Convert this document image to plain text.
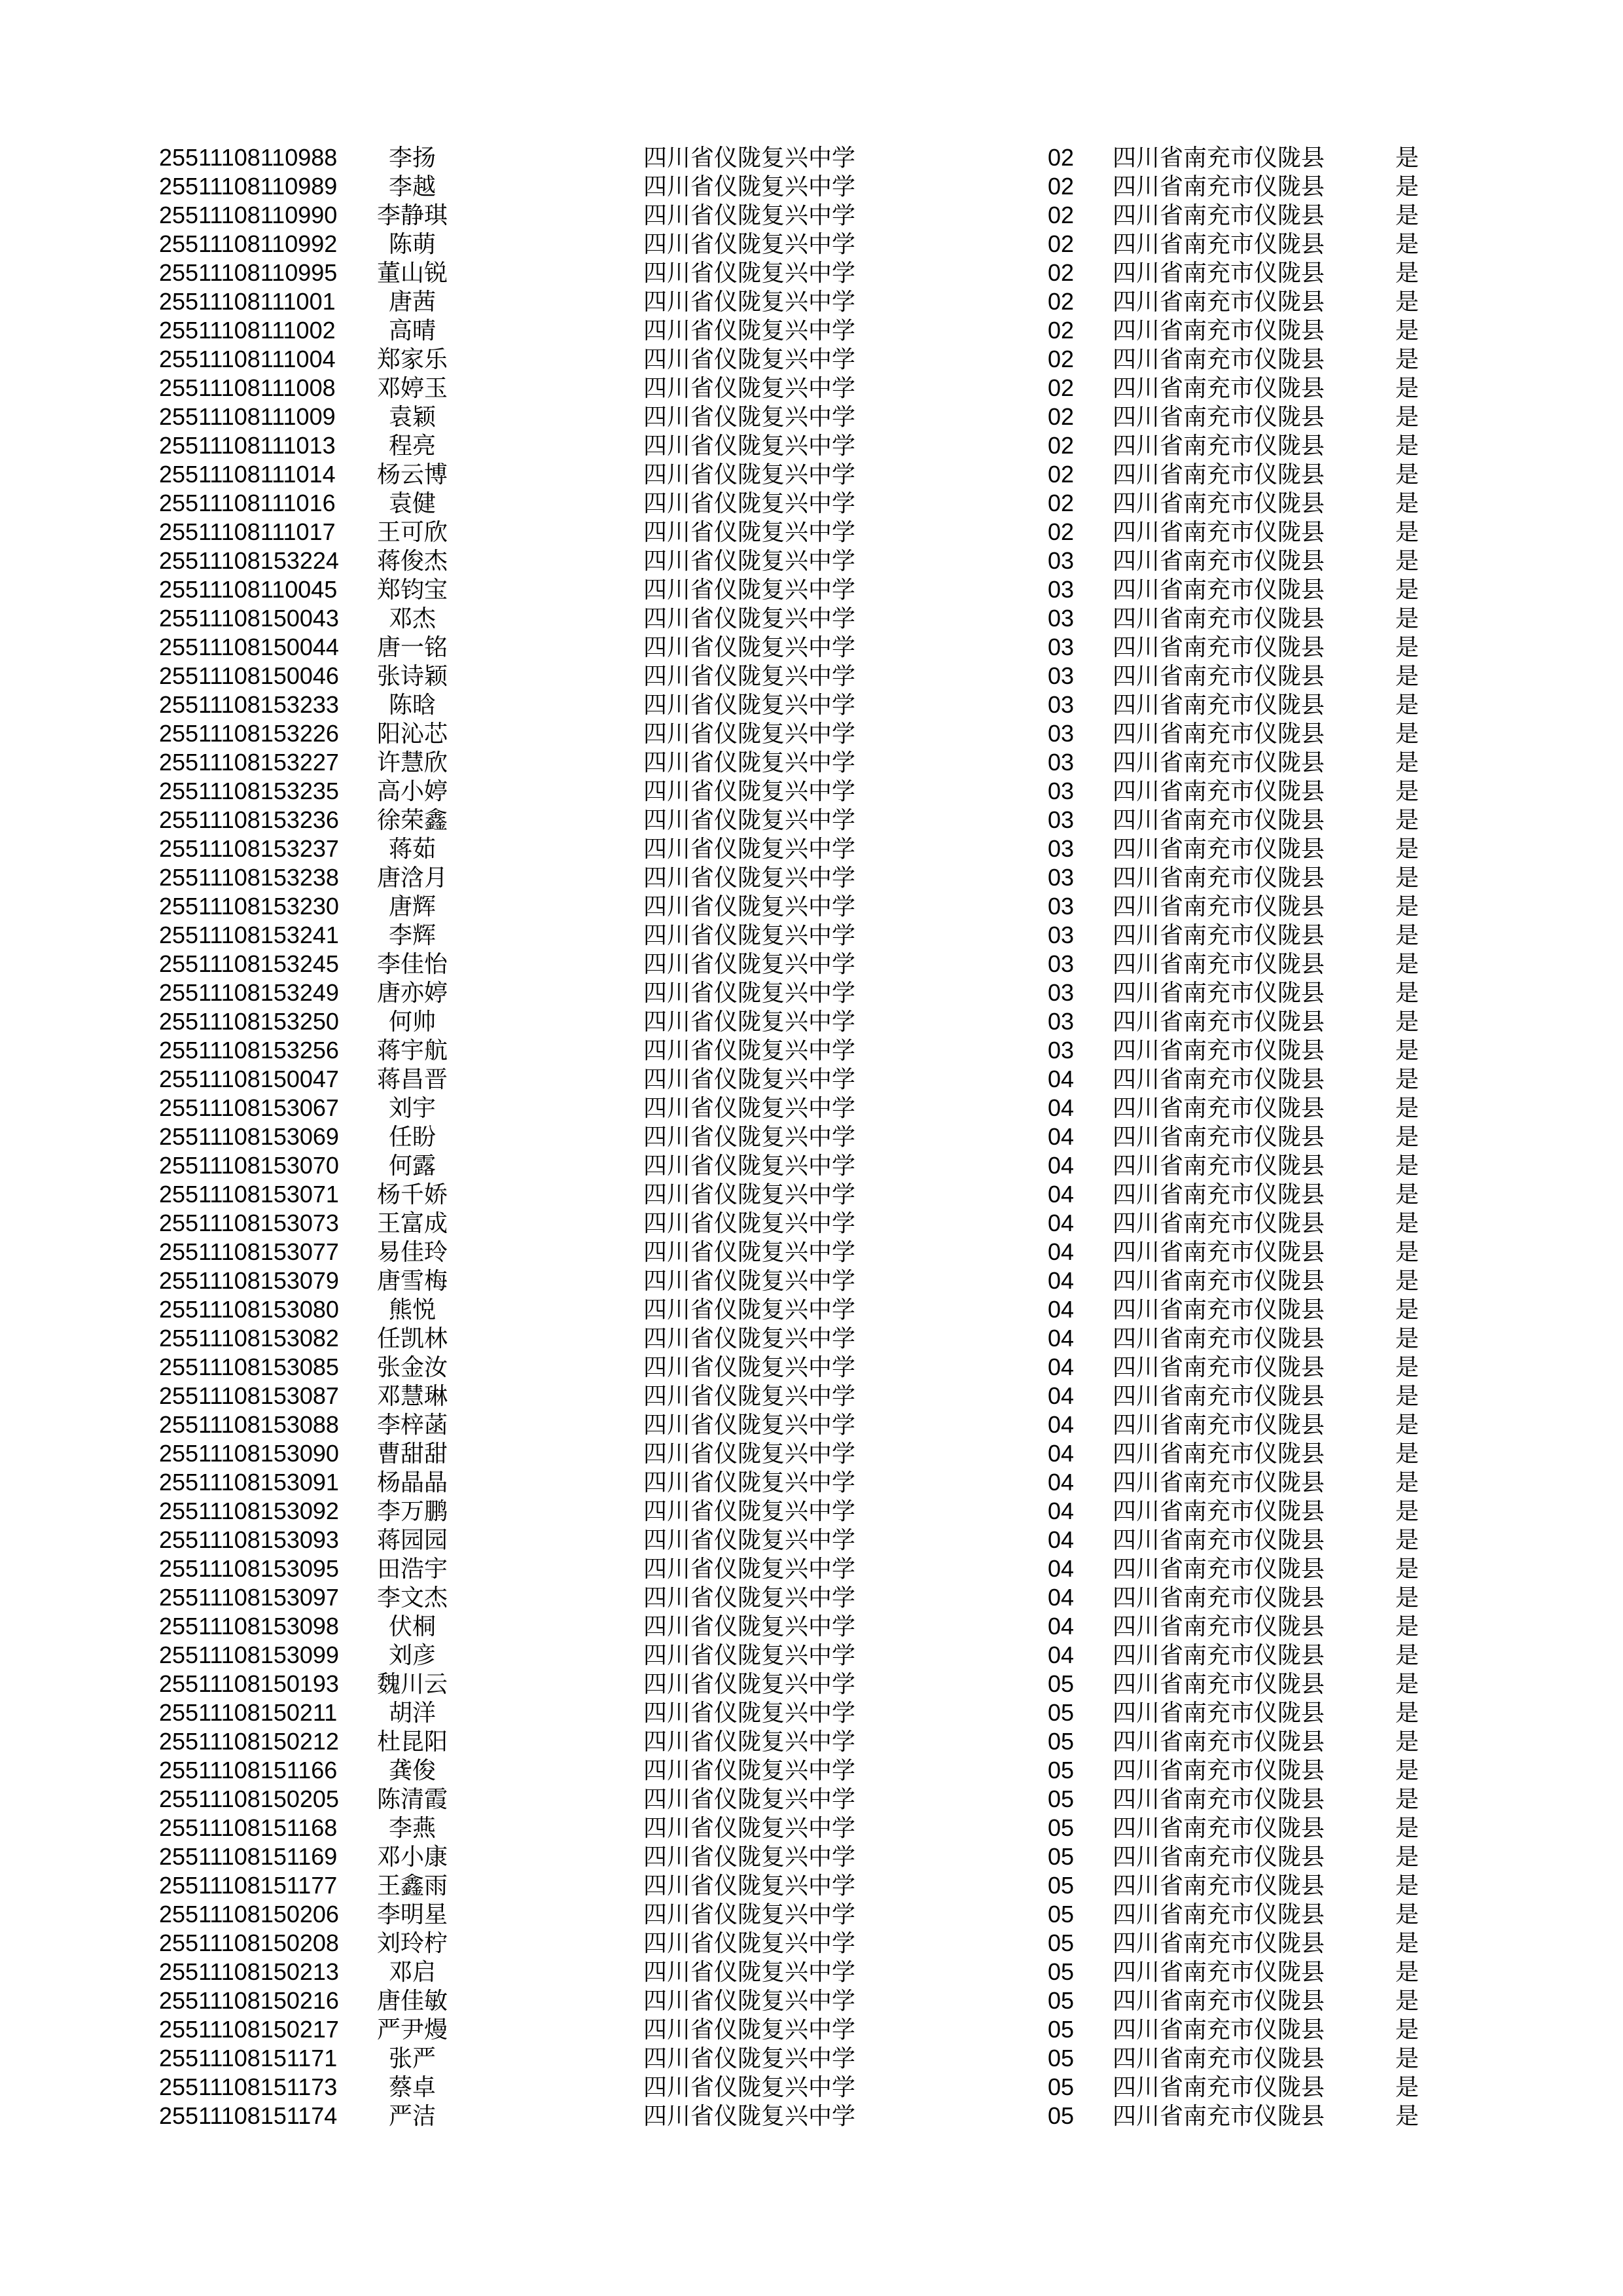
25511108110988	李扬	四川省仪陇复兴中学	02	四川省南充市仪陇县	是
25511108110989	李越	四川省仪陇复兴中学	02	四川省南充市仪陇县	是
25511108110990	李静琪	四川省仪陇复兴中学	02	四川省南充市仪陇县	是
25511108110992	陈萌	四川省仪陇复兴中学	02	四川省南充市仪陇县	是
25511108110995	董山锐	四川省仪陇复兴中学	02	四川省南充市仪陇县	是
25511108111001	唐茜	四川省仪陇复兴中学	02	四川省南充市仪陇县	是
25511108111002	高晴	四川省仪陇复兴中学	02	四川省南充市仪陇县	是
25511108111004	郑家乐	四川省仪陇复兴中学	02	四川省南充市仪陇县	是
25511108111008	邓婷玉	四川省仪陇复兴中学	02	四川省南充市仪陇县	是
25511108111009	袁颖	四川省仪陇复兴中学	02	四川省南充市仪陇县	是
25511108111013	程亮	四川省仪陇复兴中学	02	四川省南充市仪陇县	是
25511108111014	杨云博	四川省仪陇复兴中学	02	四川省南充市仪陇县	是
25511108111016	袁健	四川省仪陇复兴中学	02	四川省南充市仪陇县	是
25511108111017	王可欣	四川省仪陇复兴中学	02	四川省南充市仪陇县	是
25511108153224	蒋俊杰	四川省仪陇复兴中学	03	四川省南充市仪陇县	是
25511108110045	郑钧宝	四川省仪陇复兴中学	03	四川省南充市仪陇县	是
25511108150043	邓杰	四川省仪陇复兴中学	03	四川省南充市仪陇县	是
25511108150044	唐一铭	四川省仪陇复兴中学	03	四川省南充市仪陇县	是
25511108150046	张诗颖	四川省仪陇复兴中学	03	四川省南充市仪陇县	是
25511108153233	陈晗	四川省仪陇复兴中学	03	四川省南充市仪陇县	是
25511108153226	阳沁芯	四川省仪陇复兴中学	03	四川省南充市仪陇县	是
25511108153227	许慧欣	四川省仪陇复兴中学	03	四川省南充市仪陇县	是
25511108153235	高小婷	四川省仪陇复兴中学	03	四川省南充市仪陇县	是
25511108153236	徐荣鑫	四川省仪陇复兴中学	03	四川省南充市仪陇县	是
25511108153237	蒋茹	四川省仪陇复兴中学	03	四川省南充市仪陇县	是
25511108153238	唐浛月	四川省仪陇复兴中学	03	四川省南充市仪陇县	是
25511108153230	唐辉	四川省仪陇复兴中学	03	四川省南充市仪陇县	是
25511108153241	李辉	四川省仪陇复兴中学	03	四川省南充市仪陇县	是
25511108153245	李佳怡	四川省仪陇复兴中学	03	四川省南充市仪陇县	是
25511108153249	唐亦婷	四川省仪陇复兴中学	03	四川省南充市仪陇县	是
25511108153250	何帅	四川省仪陇复兴中学	03	四川省南充市仪陇县	是
25511108153256	蒋宇航	四川省仪陇复兴中学	03	四川省南充市仪陇县	是
25511108150047	蒋昌晋	四川省仪陇复兴中学	04	四川省南充市仪陇县	是
25511108153067	刘宇	四川省仪陇复兴中学	04	四川省南充市仪陇县	是
25511108153069	任盼	四川省仪陇复兴中学	04	四川省南充市仪陇县	是
25511108153070	何露	四川省仪陇复兴中学	04	四川省南充市仪陇县	是
25511108153071	杨千娇	四川省仪陇复兴中学	04	四川省南充市仪陇县	是
25511108153073	王富成	四川省仪陇复兴中学	04	四川省南充市仪陇县	是
25511108153077	易佳玲	四川省仪陇复兴中学	04	四川省南充市仪陇县	是
25511108153079	唐雪梅	四川省仪陇复兴中学	04	四川省南充市仪陇县	是
25511108153080	熊悦	四川省仪陇复兴中学	04	四川省南充市仪陇县	是
25511108153082	任凯林	四川省仪陇复兴中学	04	四川省南充市仪陇县	是
25511108153085	张金汝	四川省仪陇复兴中学	04	四川省南充市仪陇县	是
25511108153087	邓慧琳	四川省仪陇复兴中学	04	四川省南充市仪陇县	是
25511108153088	李梓菡	四川省仪陇复兴中学	04	四川省南充市仪陇县	是
25511108153090	曹甜甜	四川省仪陇复兴中学	04	四川省南充市仪陇县	是
25511108153091	杨晶晶	四川省仪陇复兴中学	04	四川省南充市仪陇县	是
25511108153092	李万鹏	四川省仪陇复兴中学	04	四川省南充市仪陇县	是
25511108153093	蒋园园	四川省仪陇复兴中学	04	四川省南充市仪陇县	是
25511108153095	田浩宇	四川省仪陇复兴中学	04	四川省南充市仪陇县	是
25511108153097	李文杰	四川省仪陇复兴中学	04	四川省南充市仪陇县	是
25511108153098	伏桐	四川省仪陇复兴中学	04	四川省南充市仪陇县	是
25511108153099	刘彦	四川省仪陇复兴中学	04	四川省南充市仪陇县	是
25511108150193	魏川云	四川省仪陇复兴中学	05	四川省南充市仪陇县	是
25511108150211	胡洋	四川省仪陇复兴中学	05	四川省南充市仪陇县	是
25511108150212	杜昆阳	四川省仪陇复兴中学	05	四川省南充市仪陇县	是
25511108151166	龚俊	四川省仪陇复兴中学	05	四川省南充市仪陇县	是
25511108150205	陈清霞	四川省仪陇复兴中学	05	四川省南充市仪陇县	是
25511108151168	李燕	四川省仪陇复兴中学	05	四川省南充市仪陇县	是
25511108151169	邓小康	四川省仪陇复兴中学	05	四川省南充市仪陇县	是
25511108151177	王鑫雨	四川省仪陇复兴中学	05	四川省南充市仪陇县	是
25511108150206	李明星	四川省仪陇复兴中学	05	四川省南充市仪陇县	是
25511108150208	刘玲柠	四川省仪陇复兴中学	05	四川省南充市仪陇县	是
25511108150213	邓启	四川省仪陇复兴中学	05	四川省南充市仪陇县	是
25511108150216	唐佳敏	四川省仪陇复兴中学	05	四川省南充市仪陇县	是
25511108150217	严尹熳	四川省仪陇复兴中学	05	四川省南充市仪陇县	是
25511108151171	张严	四川省仪陇复兴中学	05	四川省南充市仪陇县	是
25511108151173	蔡卓	四川省仪陇复兴中学	05	四川省南充市仪陇县	是
25511108151174	严洁	四川省仪陇复兴中学	05	四川省南充市仪陇县	是
